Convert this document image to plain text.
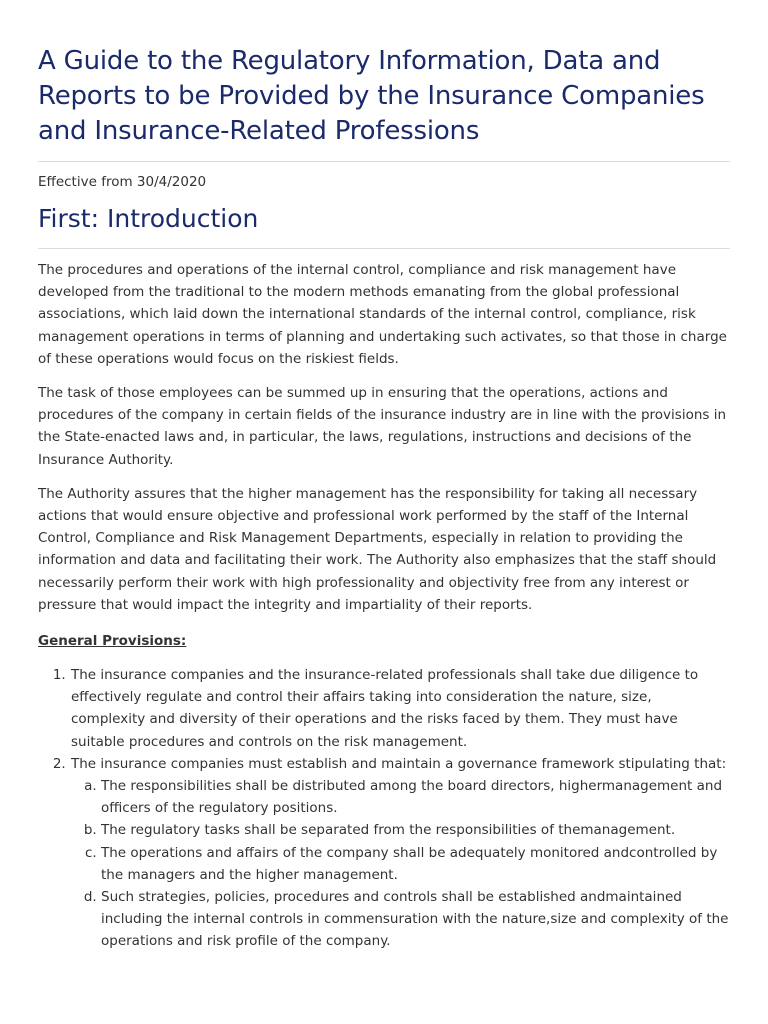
A Guide to the Regulatory Information, Data and Reports to be Provided by the Insurance Companies and Insurance-Related Professions

Effective from 30/4/2020

First: Introduction

The procedures and operations of the internal control, compliance and risk management have developed from the traditional to the modern methods emanating from the global professional associations, which laid down the international standards of the internal control, compliance, risk management operations in terms of planning and undertaking such activates, so that those in charge of these operations would focus on the riskiest fields.

The task of those employees can be summed up in ensuring that the operations, actions and procedures of the company in certain fields of the insurance industry are in line with the provisions in the State-enacted laws and, in particular, the laws, regulations, instructions and decisions of the Insurance Authority.

The Authority assures that the higher management has the responsibility for taking all necessary actions that would ensure objective and professional work performed by the staff of the Internal Control, Compliance and Risk Management Departments, especially in relation to providing the information and data and facilitating their work. The Authority also emphasizes that the staff should necessarily perform their work with high professionality and objectivity free from any interest or pressure that would impact the integrity and impartiality of their reports.

General Provisions:

1. The insurance companies and the insurance-related professionals shall take due diligence to effectively regulate and control their affairs taking into consideration the nature, size, complexity and diversity of their operations and the risks faced by them. They must have suitable procedures and controls on the risk management.
2. The insurance companies must establish and maintain a governance framework stipulating that:
a. The responsibilities shall be distributed among the board directors, highermanagement and officers of the regulatory positions.
b. The regulatory tasks shall be separated from the responsibilities of themanagement.
c. The operations and affairs of the company shall be adequately monitored andcontrolled by the managers and the higher management.
d. Such strategies, policies, procedures and controls shall be established andmaintained including the internal controls in commensuration with the nature,size and complexity of the operations and risk profile of the company.
